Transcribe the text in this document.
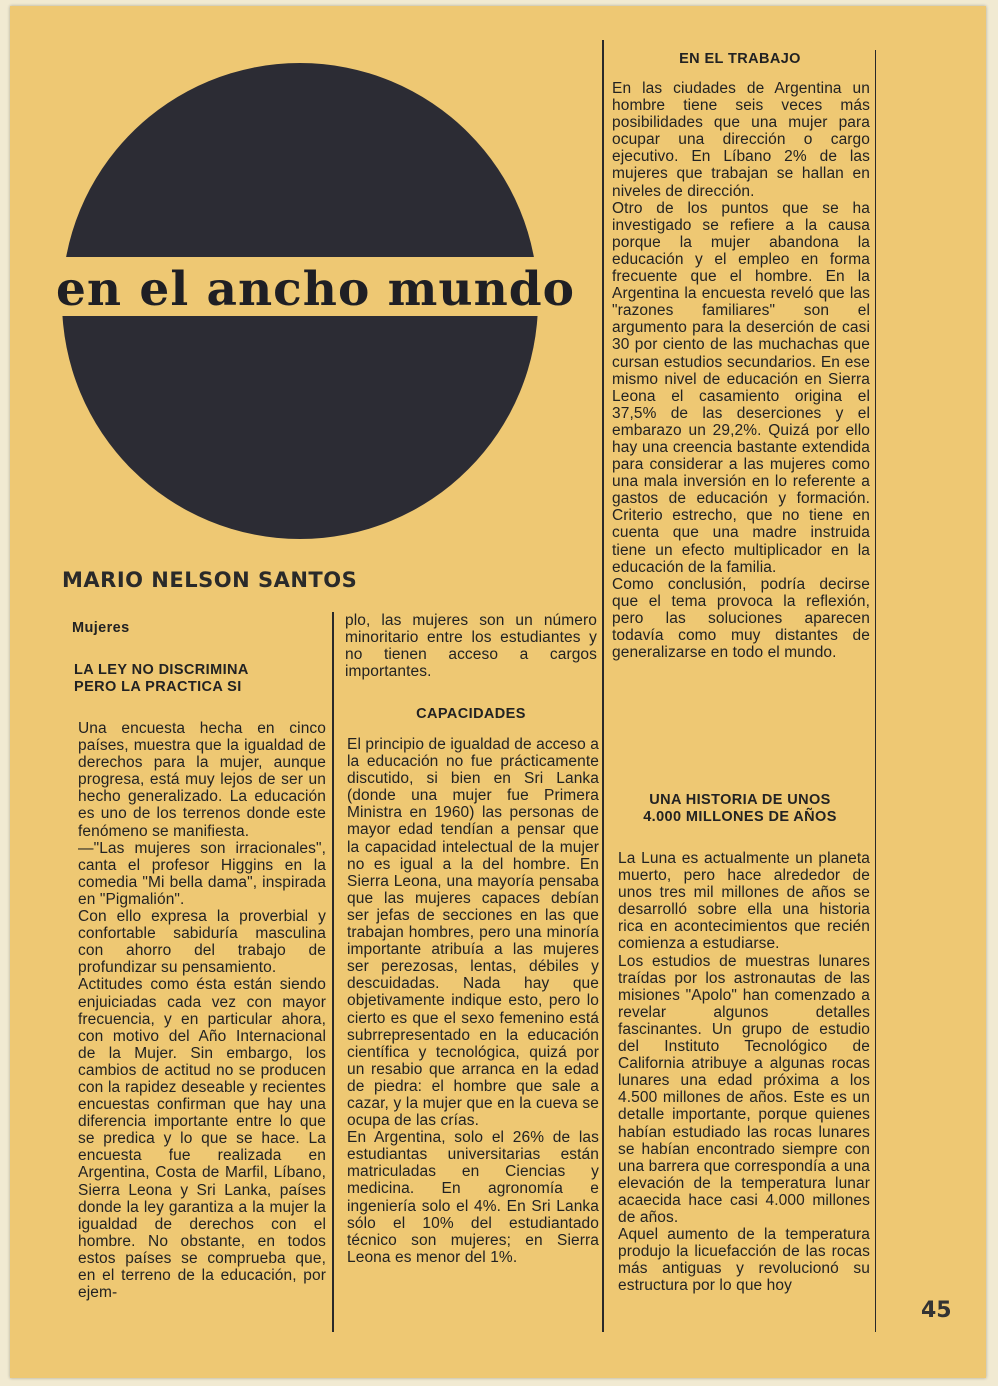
en el ancho mundo
MARIO NELSON SANTOS
Mujeres
LA LEY NO DISCRIMINA
PERO LA PRACTICA SI

Una encuesta hecha en cinco países, muestra que la igualdad de derechos para la mujer, aunque progresa, está muy lejos de ser un hecho generalizado. La educación es uno de los terrenos donde este fenómeno se manifiesta.
—"Las mujeres son irracionales", canta el profesor Higgins en la comedia "Mi bella dama", inspirada en "Pigmalión".
Con ello expresa la proverbial y confortable sabiduría masculina con ahorro del trabajo de profundizar su pensamiento.
Actitudes como ésta están siendo enjuiciadas cada vez con mayor frecuencia, y en particular ahora, con motivo del Año Internacional de la Mujer. Sin embargo, los cambios de actitud no se producen con la rapidez deseable y recientes encuestas confirman que hay una diferencia importante entre lo que se predica y lo que se hace. La encuesta fue realizada en Argentina, Costa de Marfil, Líbano, Sierra Leona y Sri Lanka, países donde la ley garantiza a la mujer la igualdad de derechos con el hombre. No obstante, en todos estos países se comprueba que, en el terreno de la educación, por ejem-

plo, las mujeres son un número minoritario entre los estudiantes y no tienen acceso a cargos importantes.

CAPACIDADES

El principio de igualdad de acceso a la educación no fue prácticamente discutido, si bien en Sri Lanka (donde una mujer fue Primera Ministra en 1960) las personas de mayor edad tendían a pensar que la capacidad intelectual de la mujer no es igual a la del hombre. En Sierra Leona, una mayoría pensaba que las mujeres capaces debían ser jefas de secciones en las que trabajan hombres, pero una minoría importante atribuía a las mujeres ser perezosas, lentas, débiles y descuidadas. Nada hay que objetivamente indique esto, pero lo cierto es que el sexo femenino está subrrepresentado en la educación científica y tecnológica, quizá por un resabio que arranca en la edad de piedra: el hombre que sale a cazar, y la mujer que en la cueva se ocupa de las crías.
En Argentina, solo el 26% de las estudiantas universitarias están matriculadas en Ciencias y medicina. En agronomía e ingeniería solo el 4%. En Sri Lanka sólo el 10% del estudiantado técnico son mujeres; en Sierra Leona es menor del 1%.

EN EL TRABAJO

En las ciudades de Argentina un hombre tiene seis veces más posibilidades que una mujer para ocupar una dirección o cargo ejecutivo. En Líbano 2% de las mujeres que trabajan se hallan en niveles de dirección.
Otro de los puntos que se ha investigado se refiere a la causa porque la mujer abandona la educación y el empleo en forma frecuente que el hombre. En la Argentina la encuesta reveló que las "razones familiares" son el argumento para la deserción de casi 30 por ciento de las muchachas que cursan estudios secundarios. En ese mismo nivel de educación en Sierra Leona el casamiento origina el 37,5% de las deserciones y el embarazo un 29,2%. Quizá por ello hay una creencia bastante extendida para considerar a las mujeres como una mala inversión en lo referente a gastos de educación y formación. Criterio estrecho, que no tiene en cuenta que una madre instruida tiene un efecto multiplicador en la educación de la familia.
Como conclusión, podría decirse que el tema provoca la reflexión, pero las soluciones aparecen todavía como muy distantes de generalizarse en todo el mundo.

UNA HISTORIA DE UNOS
4.000 MILLONES DE AÑOS

La Luna es actualmente un planeta muerto, pero hace alrededor de unos tres mil millones de años se desarrolló sobre ella una historia rica en acontecimientos que recién comienza a estudiarse.
Los estudios de muestras lunares traídas por los astronautas de las misiones "Apolo" han comenzado a revelar algunos detalles fascinantes. Un grupo de estudio del Instituto Tecnológico de California atribuye a algunas rocas lunares una edad próxima a los 4.500 millones de años. Este es un detalle importante, porque quienes habían estudiado las rocas lunares se habían encontrado siempre con una barrera que correspondía a una elevación de la temperatura lunar acaecida hace casi 4.000 millones de años.
Aquel aumento de la temperatura produjo la licuefacción de las rocas más antiguas y revolucionó su estructura por lo que hoy

45
